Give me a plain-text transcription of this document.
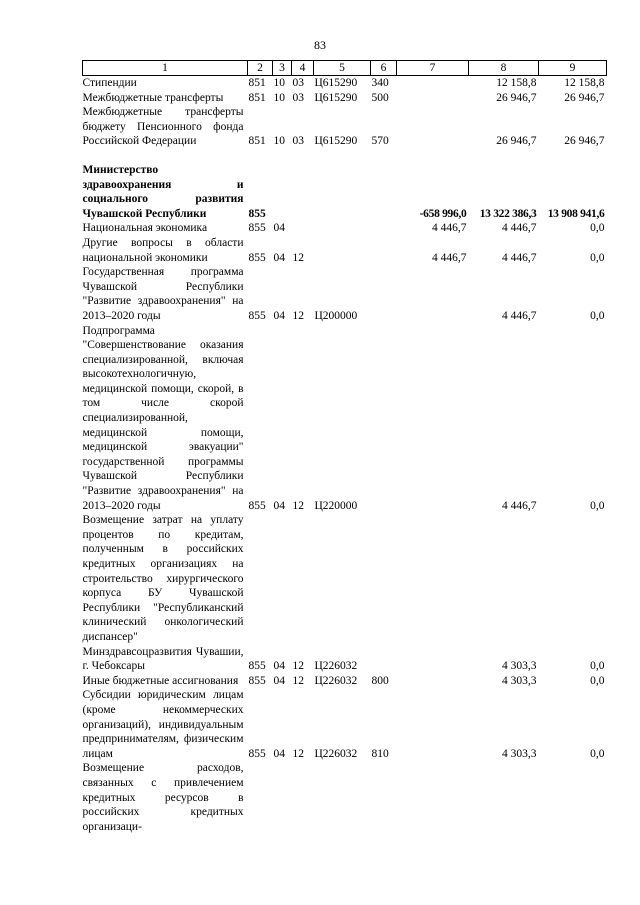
83
1	2	3	4	5	6	7	8	9
Стипендии	851	10	03	Ц615290	340		12 158,8	12 158,8
Межбюджетные трансферты	851	10	03	Ц615290	500		26 946,7	26 946,7
Межбюджетные трансферты бюджету Пенсионного фонда Российской Федерации	851	10	03	Ц615290	570		26 946,7	26 946,7

Министерство здравоохранения и социального развития Чувашской Республики	855					-658 996,0	13 322 386,3	13 908 941,6
Национальная экономика	855	04				4 446,7	4 446,7	0,0
Другие вопросы в области национальной экономики	855	04	12			4 446,7	4 446,7	0,0
Государственная программа Чувашской Республики "Развитие здравоохранения" на 2013–2020 годы	855	04	12	Ц200000			4 446,7	0,0
Подпрограмма "Совершенствование оказания специализированной, включая высокотехнологичную, медицинской помощи, скорой, в том числе скорой специализированной, медицинской помощи, медицинской эвакуации" государственной программы Чувашской Республики "Развитие здравоохранения" на 2013–2020 годы	855	04	12	Ц220000			4 446,7	0,0
Возмещение затрат на уплату процентов по кредитам, полученным в российских кредитных организациях на строительство хирургического корпуса БУ Чувашской Республики "Республиканский клинический онкологический диспансер" Минздравсоцразвития Чувашии, г. Чебоксары	855	04	12	Ц226032			4 303,3	0,0
Иные бюджетные ассигнования	855	04	12	Ц226032	800		4 303,3	0,0
Субсидии юридическим лицам (кроме некоммерческих организаций), индивидуальным предпринимателям, физическим лицам	855	04	12	Ц226032	810		4 303,3	0,0
Возмещение расходов, связанных с привлечением кредитных ресурсов в российских кредитных организаци-								
